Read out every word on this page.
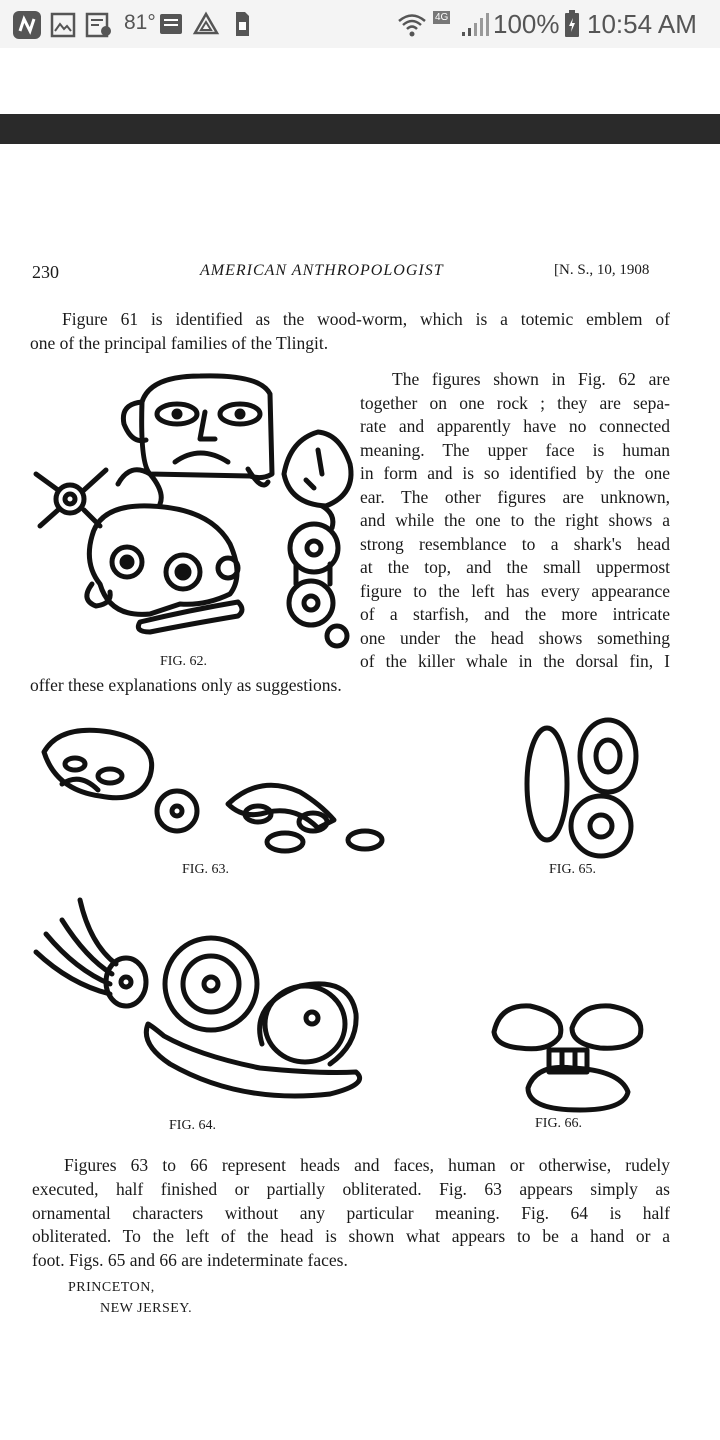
81°	4G 100% 10:54 AM
230	AMERICAN ANTHROPOLOGIST	[N. S., 10, 1908
Figure 61 is identified as the wood-worm, which is a totemic emblem of
one of the principal families of the Tlingit.
The figures shown in Fig. 62 are
together on one rock ; they are sepa-
rate and apparently have no connected
meaning. The upper face is human
in form and is so identified by the one
ear. The other figures are unknown,
and while the one to the right shows a
strong resemblance to a shark's head
at the top, and the small uppermost
figure to the left has every appearance
of a starfish, and the more intricate
one under the head shows something
of the killer whale in the dorsal fin, I
offer these explanations only as suggestions.
FIG. 62.
FIG. 63.	FIG. 65.
FIG. 64.	FIG. 66.
Figures 63 to 66 represent heads and faces, human or otherwise, rudely
executed, half finished or partially obliterated. Fig. 63 appears simply as
ornamental characters without any particular meaning. Fig. 64 is half
obliterated. To the left of the head is shown what appears to be a hand or a
foot. Figs. 65 and 66 are indeterminate faces.
PRINCETON,
NEW JERSEY.
